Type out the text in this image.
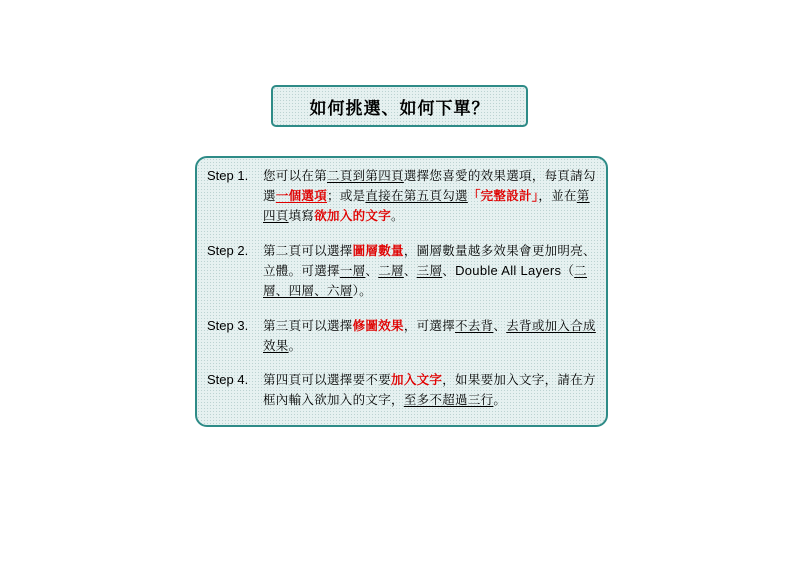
如何挑選、如何下單？
Step 1.	您可以在第二頁到第四頁選擇您喜愛的效果選項，每頁請勾選一個選項；或是直接在第五頁勾選「完整設計」，並在第四頁填寫欲加入的文字。
Step 2.	第二頁可以選擇圖層數量，圖層數量越多效果會更加明亮、立體。可選擇一層、二層、三層、Double All Layers（二層、四層、六層）。
Step 3.	第三頁可以選擇修圖效果，可選擇不去背、去背或加入合成效果。
Step 4.	第四頁可以選擇要不要加入文字，如果要加入文字，請在方框內輸入欲加入的文字，至多不超過三行。
